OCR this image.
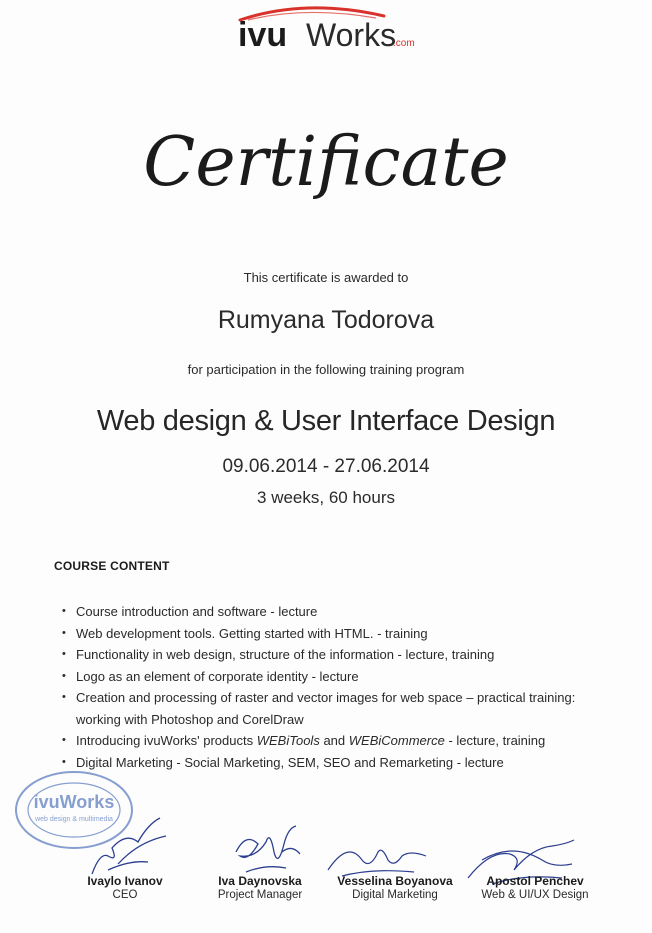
ivu Works
.com
Certificate
This certificate is awarded to
Rumyana Todorova
for participation in the following training program
Web design & User Interface Design
09.06.2014 - 27.06.2014
3 weeks, 60 hours
COURSE CONTENT
• Course introduction and software - lecture
• Web development tools. Getting started with HTML. - training
• Functionality in web design, structure of the information - lecture, training
• Logo as an element of corporate identity - lecture
• Creation and processing of raster and vector images for web space – practical training: working with Photoshop and CorelDraw
• Introducing ivuWorks' products WEBiTools and WEBiCommerce - lecture, training
• Digital Marketing - Social Marketing, SEM, SEO and Remarketing - lecture
ivuWorks
web design & multimedia
Ivaylo Ivanov
CEO
Iva Daynovska
Project Manager
Vesselina Boyanova
Digital Marketing
Apostol Penchev
Web & UI/UX Design
